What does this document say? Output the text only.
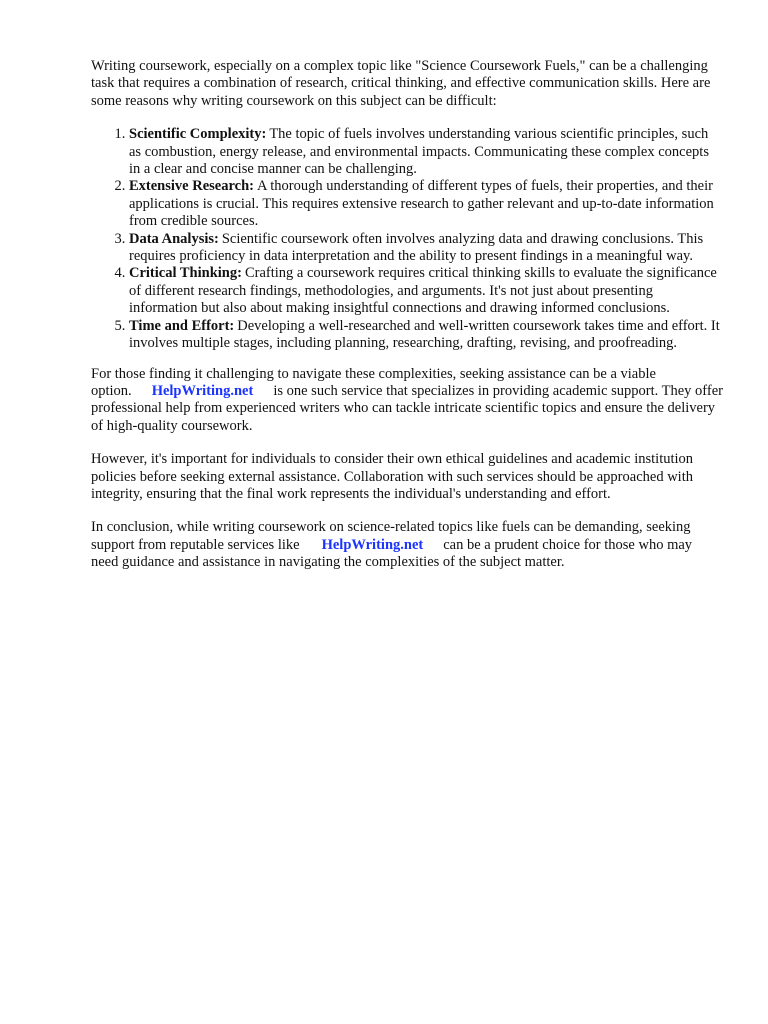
Writing coursework, especially on a complex topic like "Science Coursework Fuels," can be a challenging task that requires a combination of research, critical thinking, and effective communication skills. Here are some reasons why writing coursework on this subject can be difficult:

1. Scientific Complexity: The topic of fuels involves understanding various scientific principles, such as combustion, energy release, and environmental impacts. Communicating these complex concepts in a clear and concise manner can be challenging.
2. Extensive Research: A thorough understanding of different types of fuels, their properties, and their applications is crucial. This requires extensive research to gather relevant and up-to-date information from credible sources.
3. Data Analysis: Scientific coursework often involves analyzing data and drawing conclusions. This requires proficiency in data interpretation and the ability to present findings in a meaningful way.
4. Critical Thinking: Crafting a coursework requires critical thinking skills to evaluate the significance of different research findings, methodologies, and arguments. It's not just about presenting information but also about making insightful connections and drawing informed conclusions.
5. Time and Effort: Developing a well-researched and well-written coursework takes time and effort. It involves multiple stages, including planning, researching, drafting, revising, and proofreading.

For those finding it challenging to navigate these complexities, seeking assistance can be a viable option. HelpWriting.net is one such service that specializes in providing academic support. They offer professional help from experienced writers who can tackle intricate scientific topics and ensure the delivery of high-quality coursework.

However, it's important for individuals to consider their own ethical guidelines and academic institution policies before seeking external assistance. Collaboration with such services should be approached with integrity, ensuring that the final work represents the individual's understanding and effort.

In conclusion, while writing coursework on science-related topics like fuels can be demanding, seeking support from reputable services like HelpWriting.net can be a prudent choice for those who may need guidance and assistance in navigating the complexities of the subject matter.
